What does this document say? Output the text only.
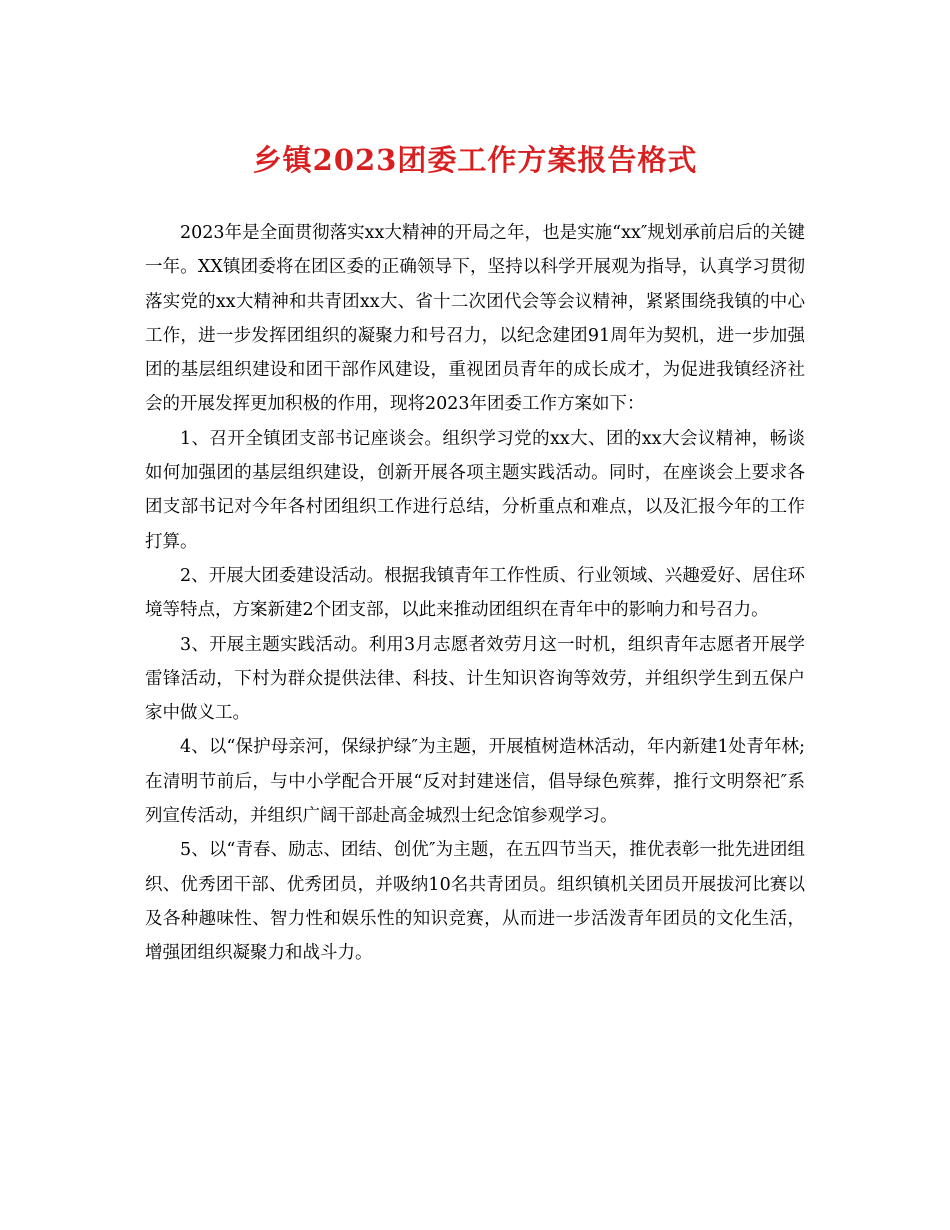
乡镇2023团委工作方案报告格式

2023年是全面贯彻落实xx大精神的开局之年，也是实施“xx″规划承前启后的关键一年。XX镇团委将在团区委的正确领导下，坚持以科学开展观为指导，认真学习贯彻落实党的xx大精神和共青团xx大、省十二次团代会等会议精神，紧紧围绕我镇的中心工作，进一步发挥团组织的凝聚力和号召力，以纪念建团91周年为契机，进一步加强团的基层组织建设和团干部作风建设，重视团员青年的成长成才，为促进我镇经济社会的开展发挥更加积极的作用，现将2023年团委工作方案如下：

1、召开全镇团支部书记座谈会。组织学习党的xx大、团的xx大会议精神，畅谈如何加强团的基层组织建设，创新开展各项主题实践活动。同时，在座谈会上要求各团支部书记对今年各村团组织工作进行总结，分析重点和难点，以及汇报今年的工作打算。

2、开展大团委建设活动。根据我镇青年工作性质、行业领域、兴趣爱好、居住环境等特点，方案新建2个团支部，以此来推动团组织在青年中的影响力和号召力。

3、开展主题实践活动。利用3月志愿者效劳月这一时机，组织青年志愿者开展学雷锋活动，下村为群众提供法律、科技、计生知识咨询等效劳，并组织学生到五保户家中做义工。

4、以“保护母亲河，保绿护绿″为主题，开展植树造林活动，年内新建1处青年林;在清明节前后，与中小学配合开展“反对封建迷信，倡导绿色殡葬，推行文明祭祀″系列宣传活动，并组织广阔干部赴高金城烈士纪念馆参观学习。

5、以“青春、励志、团结、创优″为主题，在五四节当天，推优表彰一批先进团组织、优秀团干部、优秀团员，并吸纳10名共青团员。组织镇机关团员开展拔河比赛以及各种趣味性、智力性和娱乐性的知识竞赛，从而进一步活泼青年团员的文化生活，增强团组织凝聚力和战斗力。
